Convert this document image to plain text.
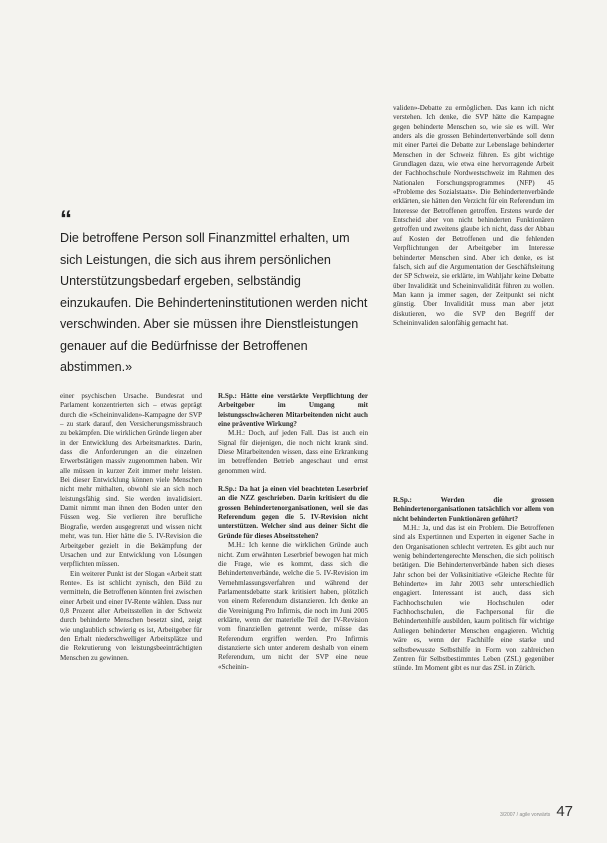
“

Die betroffene Person soll Finanzmittel erhalten, um sich Leistungen, die sich aus ihrem persönlichen Unterstützungsbedarf ergeben, selbständig einzukaufen. Die Behinderteninstitutionen werden nicht verschwinden. Aber sie müssen ihre Dienstleistungen genauer auf die Bedürfnisse der Betroffenen abstimmen.»

einer psychischen Ursache. Bundesrat und Parlament konzentrierten sich – etwas geprägt durch die «Scheininvaliden»-Kampagne der SVP – zu stark darauf, den Versicherungsmissbrauch zu bekämpfen. Die wirklichen Gründe liegen aber in der Entwicklung des Arbeitsmarktes. Darin, dass die Anforderungen an die einzelnen Erwerbstätigen massiv zugenommen haben. Wir alle müssen in kurzer Zeit immer mehr leisten. Bei dieser Entwicklung können viele Menschen nicht mehr mithalten, obwohl sie an sich noch leistungsfähig sind. Sie werden invalidisiert. Damit nimmt man ihnen den Boden unter den Füssen weg. Sie verlieren ihre berufliche Biografie, werden ausgegrenzt und wissen nicht mehr, was tun. Hier hätte die 5. IV-Revision die Arbeitgeber gezielt in die Bekämpfung der Ursachen und zur Entwicklung von Lösungen verpflichten müssen.

Ein weiterer Punkt ist der Slogan «Arbeit statt Rente». Es ist schlicht zynisch, den Bild zu vermitteln, die Betroffenen könnten frei zwischen einer Arbeit und einer IV-Rente wählen. Dass nur 0,8 Prozent aller Arbeitsstellen in der Schweiz durch behinderte Menschen besetzt sind, zeigt wie unglaublich schwierig es ist, Arbeitgeber für den Erhalt niederschwelliger Arbeitsplätze und die Rekrutierung von leistungsbeeinträchtigten Menschen zu gewinnen.

R.Sp.: Hätte eine verstärkte Verpflichtung der Arbeitgeber im Umgang mit leistungsschwächeren Mitarbeitenden nicht auch eine präventive Wirkung?

M.H.: Doch, auf jeden Fall. Das ist auch ein Signal für diejenigen, die noch nicht krank sind. Diese Mitarbeitenden wissen, dass eine Erkrankung im betreffenden Betrieb angeschaut und ernst genommen wird.

R.Sp.: Da hat ja einen viel beachteten Leserbrief an die NZZ geschrieben. Darin kritisiert du die grossen Behindertenorganisationen, weil sie das Referendum gegen die 5. IV-Revision nicht unterstützen. Welcher sind aus deiner Sicht die Gründe für dieses Abseitsstehen?

M.H.: Ich kenne die wirklichen Gründe auch nicht. Zum erwähnten Leserbrief bewogen hat mich die Frage, wie es kommt, dass sich die Behindertenverbände, welche die 5. IV-Revision im Vernehmlassungsverfahren und während der Parlamentsdebatte stark kritisiert haben, plötzlich von einem Referendum distanzieren. Ich denke an die Vereinigung Pro Infirmis, die noch im Juni 2005 erklärte, wenn der materielle Teil der IV-Revision vom finanziellen getrennt werde, müsse das Referendum ergriffen werden. Pro Infirmis distanzierte sich unter anderem deshalb von einem Referendum, um nicht der SVP eine neue «Scheinin-

validen»-Debatte zu ermöglichen. Das kann ich nicht verstehen. Ich denke, die SVP hätte die Kampagne gegen behinderte Menschen so, wie sie es will. Wer anders als die grossen Behindertenverbände soll denn mit einer Partei die Debatte zur Lebenslage behinderter Menschen in der Schweiz führen. Es gibt wichtige Grundlagen dazu, wie etwa eine hervorragende Arbeit der Fachhochschule Nordwestschweiz im Rahmen des Nationalen Forschungsprogrammes (NFP) 45 «Probleme des Sozialstaats». Die Behindertenverbände erklärten, sie hätten den Verzicht für ein Referendum im Interesse der Betroffenen getroffen. Erstens wurde der Entscheid aber von nicht behinderten Funktionären getroffen und zweitens glaube ich nicht, dass der Abbau auf Kosten der Betroffenen und die fehlenden Verpflichtungen der Arbeitgeber im Interesse behinderter Menschen sind. Aber ich denke, es ist falsch, sich auf die Argumentation der Geschäftsleitung der SP Schweiz, sie erklärte, im Wahljahr keine Debatte über Invalidität und Scheininvalidität führen zu wollen. Man kann ja immer sagen, der Zeitpunkt sei nicht günstig. Über Invalidität muss man aber jetzt diskutieren, wo die SVP den Begriff der Scheininvaliden salonfähig gemacht hat.

R.Sp.: Werden die grossen Behindertenorganisationen tatsächlich vor allem von nicht behinderten Funktionären geführt?

M.H.: Ja, und das ist ein Problem. Die Betroffenen sind als Expertinnen und Experten in eigener Sache in den Organisationen schlecht vertreten. Es gibt auch nur wenig behindertengerechte Menschen, die sich politisch betätigen. Die Behindertenverbände haben sich dieses Jahr schon bei der Volksinitiative «Gleiche Rechte für Behinderte» im Jahr 2003 sehr unterschiedlich engagiert. Interessant ist auch, dass sich Fachhochschulen wie Hochschulen oder Fachhochschulen, die Fachpersonal für die Behindertenhilfe ausbilden, kaum politisch für wichtige Anliegen behinderter Menschen engagieren. Wichtig wäre es, wenn der Fachhilfe eine starke und selbstbewusste Selbsthilfe in Form von zahlreichen Zentren für Selbstbestimmtes Leben (ZSL) gegenüber stünde. Im Moment gibt es nur das ZSL in Zürich.

3/2007 / agile vorwärts 47
